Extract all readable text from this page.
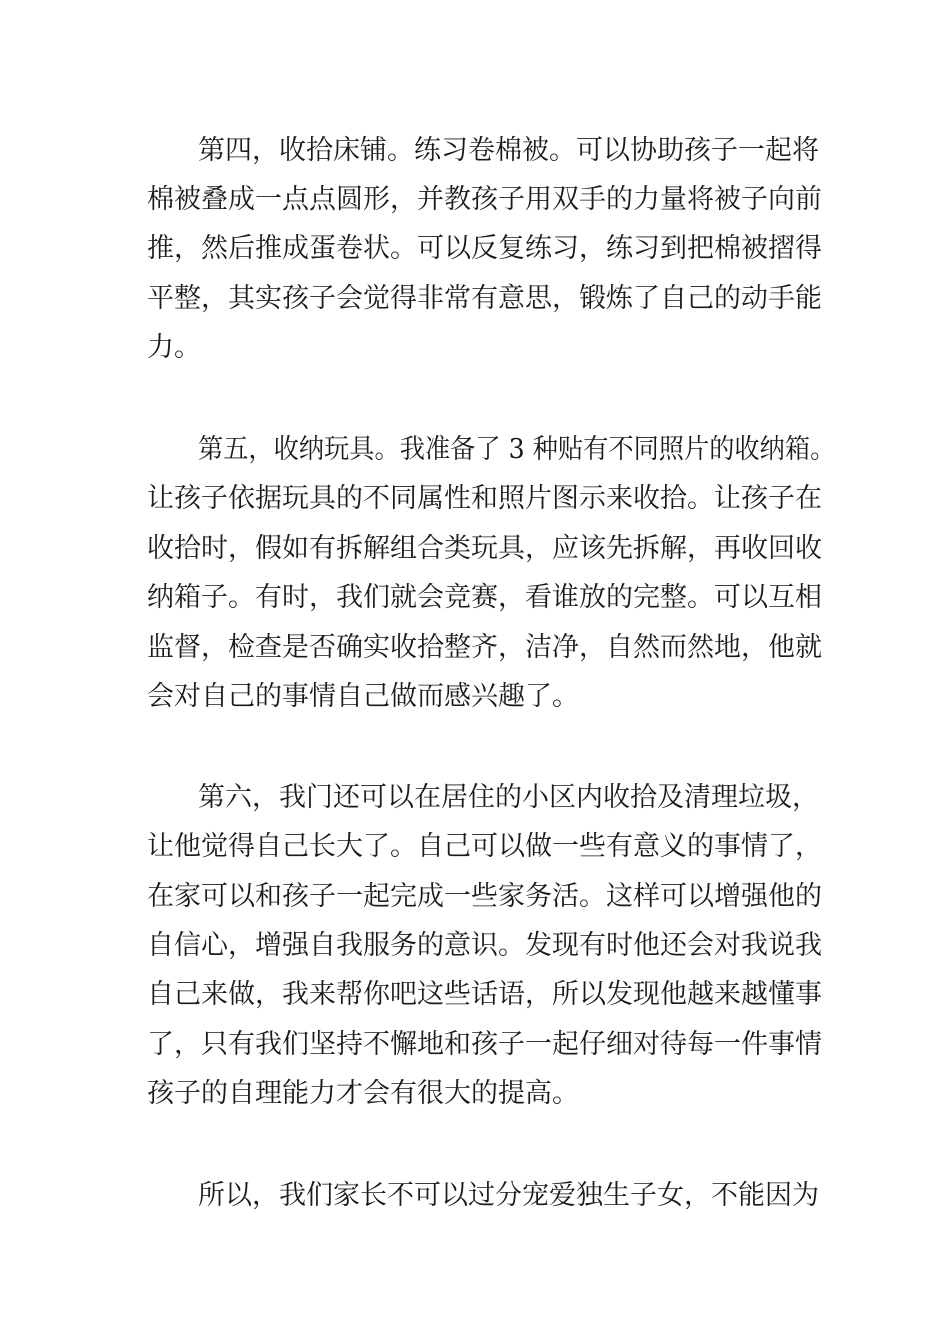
第四，收拾床铺。练习卷棉被。可以协助孩子一起将
棉被叠成一点点圆形，并教孩子用双手的力量将被子向前
推，然后推成蛋卷状。可以反复练习，练习到把棉被摺得
平整，其实孩子会觉得非常有意思，锻炼了自己的动手能
力。
第五，收纳玩具。我准备了 3 种贴有不同照片的收纳箱。
让孩子依据玩具的不同属性和照片图示来收拾。让孩子在
收拾时，假如有拆解组合类玩具，应该先拆解，再收回收
纳箱子。有时，我们就会竞赛，看谁放的完整。可以互相
监督，检查是否确实收拾整齐，洁净，自然而然地，他就
会对自己的事情自己做而感兴趣了。
第六，我门还可以在居住的小区内收拾及清理垃圾，
让他觉得自己长大了。自己可以做一些有意义的事情了，
在家可以和孩子一起完成一些家务活。这样可以增强他的
自信心，增强自我服务的意识。发现有时他还会对我说我
自己来做，我来帮你吧这些话语，所以发现他越来越懂事
了，只有我们坚持不懈地和孩子一起仔细对待每一件事情
孩子的自理能力才会有很大的提高。
所以，我们家长不可以过分宠爱独生子女，不能因为
